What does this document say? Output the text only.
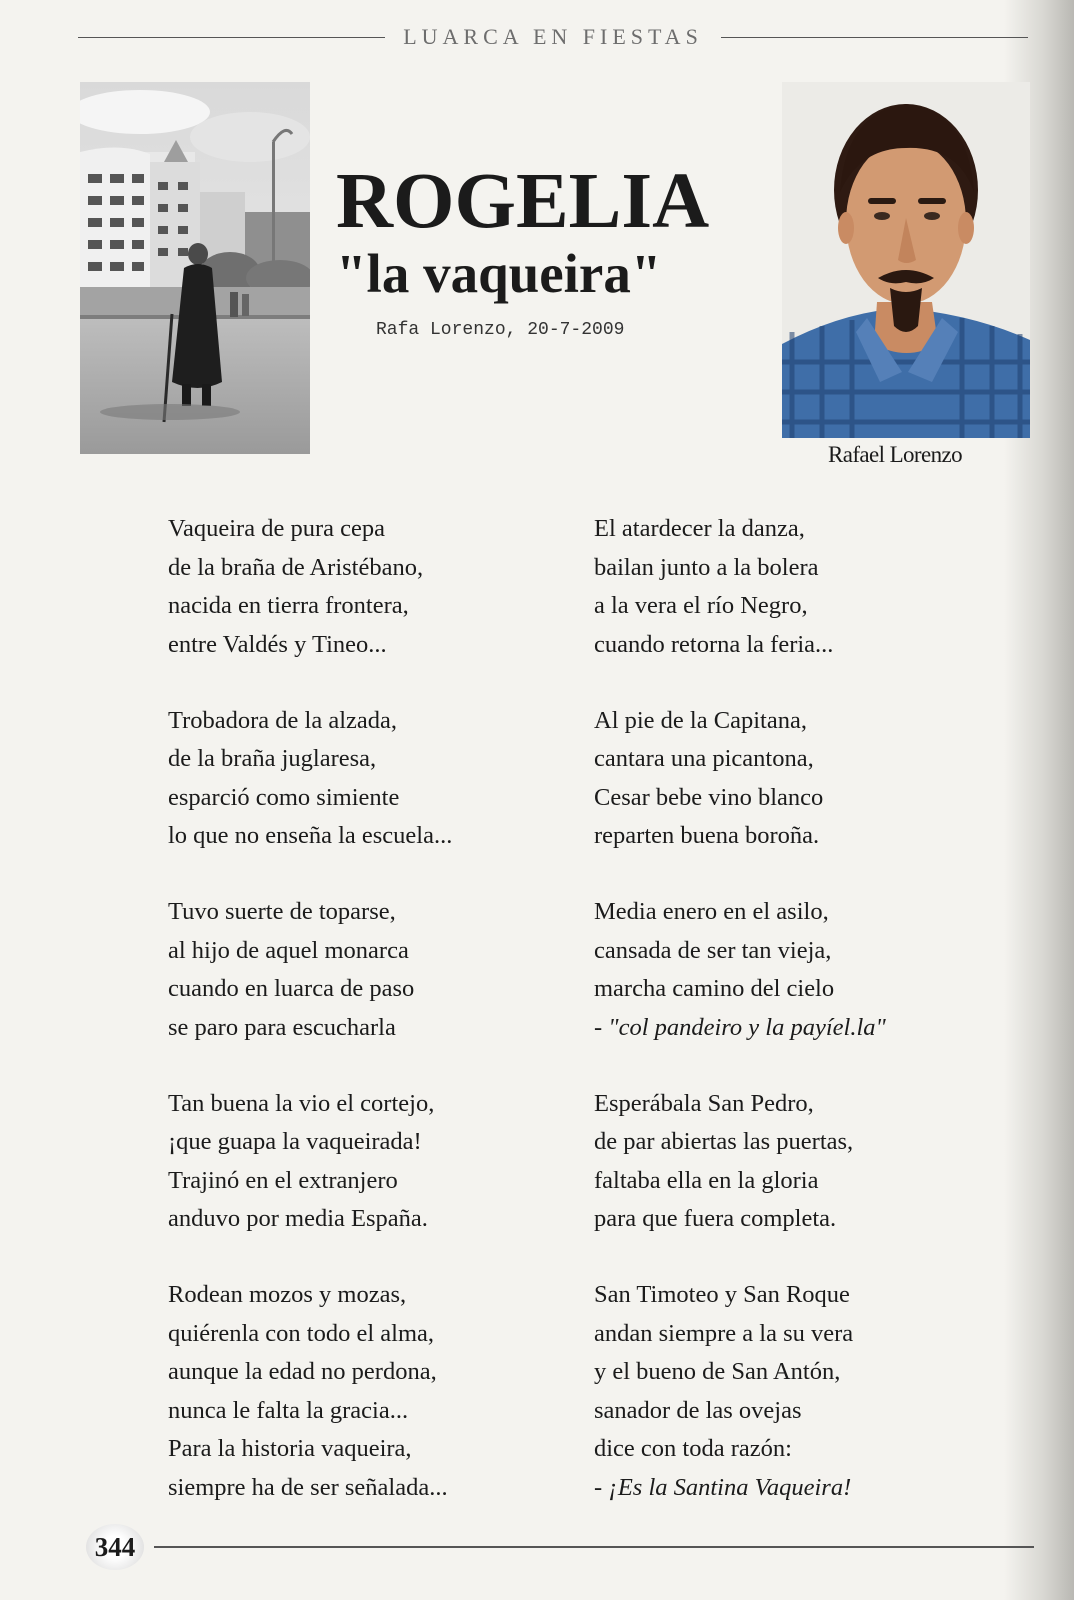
LUARCA EN FIESTAS
ROGELIA
"la vaqueira"
Rafa Lorenzo, 20-7-2009
Rafael Lorenzo
Vaqueira de pura cepa
de la braña de Aristébano,
nacida en tierra frontera,
entre Valdés y Tineo...
Trobadora de la alzada,
de la braña juglaresa,
esparció como simiente
lo que no enseña la escuela...
Tuvo suerte de toparse,
al hijo de aquel monarca
cuando en luarca de paso
se paro para escucharla
Tan buena la vio el cortejo,
¡que guapa la vaqueirada!
Trajinó en el extranjero
anduvo por media España.
Rodean mozos y mozas,
quiérenla con todo el alma,
aunque la edad no perdona,
nunca le falta la gracia...
Para la historia vaqueira,
siempre ha de ser señalada...
El atardecer la danza,
bailan junto a la bolera
a la vera el río Negro,
cuando retorna la feria...
Al pie de la Capitana,
cantara una picantona,
Cesar bebe vino blanco
reparten buena boroña.
Media enero en el asilo,
cansada de ser tan vieja,
marcha camino del cielo
- "col pandeiro y la payíel.la"
Esperábala San Pedro,
de par abiertas las puertas,
faltaba ella en la gloria
para que fuera completa.
San Timoteo y San Roque
andan siempre a la su vera
y el bueno de San Antón,
sanador de las ovejas
dice con toda razón:
- ¡Es la Santina Vaqueira!
344
